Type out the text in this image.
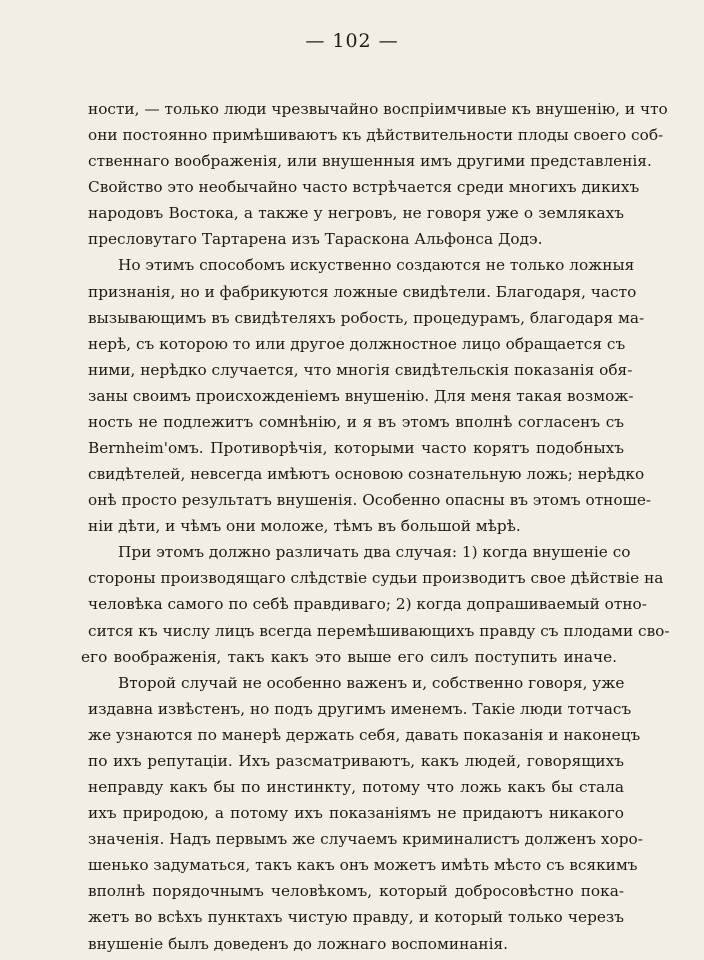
— 102 —
ности, — только люди чрезвычайно воспріимчивые къ внушенію, и что
они постоянно примѣшиваютъ къ дѣйствительности плоды своего соб-
ственнаго воображенія, или внушенныя имъ другими представленія.
Свойство это необычайно часто встрѣчается среди многихъ дикихъ
народовъ Востока, а также у негровъ, не говоря уже о землякахъ
пресловутаго Тартарена изъ Тараскона Альфонса Додэ.
Но этимъ способомъ искуственно создаются не только ложныя
признанія, но и фабрикуются ложные свидѣтели. Благодаря, часто
вызывающимъ въ свидѣтеляхъ робость, процедурамъ, благодаря ма-
нерѣ, съ которою то или другое должностное лицо обращается съ
ними, нерѣдко случается, что многія свидѣтельскія показанія обя-
заны своимъ происхожденіемъ внушенію. Для меня такая возмож-
ность не подлежитъ сомнѣнію, и я въ этомъ вполнѣ согласенъ съ
Bernheim'омъ. Противорѣчія, которыми часто корятъ подобныхъ
свидѣтелей, невсегда имѣютъ основою сознательную ложь; нерѣдко
онѣ просто результатъ внушенія. Особенно опасны въ этомъ отноше-
ніи дѣти, и чѣмъ они моложе, тѣмъ въ большой мѣрѣ.
При этомъ должно различать два случая: 1) когда внушеніе со
стороны производящаго слѣдствіе судьи производитъ свое дѣйствіе на
человѣка самого по себѣ правдиваго; 2) когда допрашиваемый отно-
сится къ числу лицъ всегда перемѣшивающихъ правду съ плодами сво-
его воображенія, такъ какъ это выше его силъ поступить иначе.
Второй случай не особенно важенъ и, собственно говоря, уже
издавна извѣстенъ, но подъ другимъ именемъ. Такіе люди тотчасъ
же узнаются по манерѣ держать себя, давать показанія и наконецъ
по ихъ репутаціи. Ихъ разсматриваютъ, какъ людей, говорящихъ
неправду какъ бы по инстинкту, потому что ложь какъ бы стала
ихъ природою, а потому ихъ показаніямъ не придаютъ никакого
значенія. Надъ первымъ же случаемъ криминалистъ долженъ хоро-
шенько задуматься, такъ какъ онъ можетъ имѣть мѣсто съ всякимъ
вполнѣ порядочнымъ человѣкомъ, который добросовѣстно пока-
жетъ во всѣхъ пунктахъ чистую правду, и который только черезъ
внушеніе былъ доведенъ до ложнаго воспоминанія.
